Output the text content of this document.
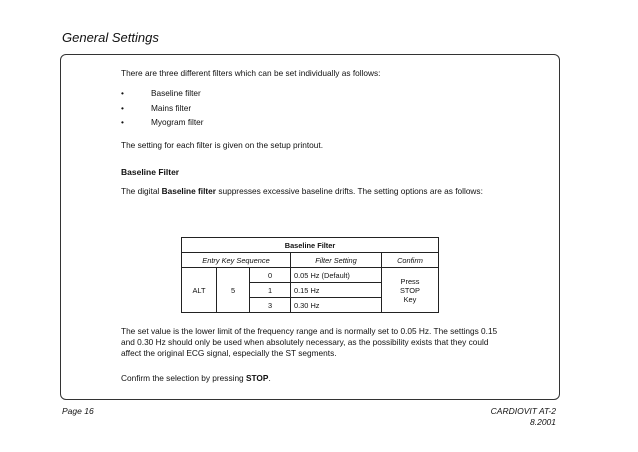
General Settings

There are three different filters which can be set individually as follows:

• Baseline filter
• Mains filter
• Myogram filter

The setting for each filter is given on the setup printout.

Baseline Filter

The digital Baseline filter suppresses excessive baseline drifts. The setting options are as follows:

Baseline Filter				
Entry Key Sequence			Filter Setting	Confirm
ALT	5	0	0.05 Hz (Default)	Press
STOP
Key
		1	0.15 Hz	
		3	0.30 Hz	

The set value is the lower limit of the frequency range and is normally set to 0.05 Hz. The settings 0.15 and 0.30 Hz should only be used when absolutely necessary, as the possibility exists that they could affect the original ECG signal, especially the ST segments.

Confirm the selection by pressing STOP.

Page 16	CARDIOVIT AT-2
8.2001
